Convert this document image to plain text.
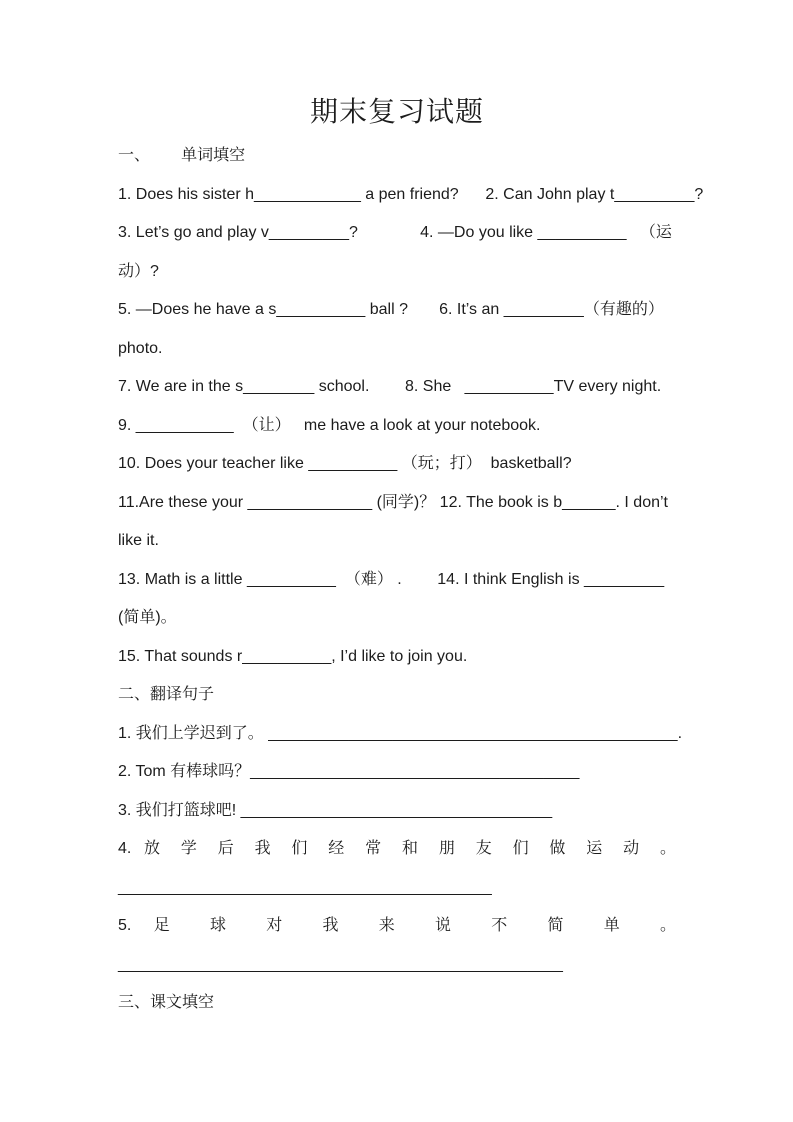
期末复习试题

一、       单词填空

1. Does his sister h____________ a pen friend?      2. Can John play t_________?

3. Let’s go and play v_________?              4. —Do you like __________   （运

动）?

5. —Does he have a s__________ ball ?       6. It’s an _________（有趣的）

photo.

7. We are in the s________ school.        8. She   __________TV every night.

9. ___________  （让）   me have a look at your notebook.

10. Does your teacher like __________ （玩；打）  basketball?

11.Are these your ______________ (同学)？ 12. The book is b______. I don’t

like it.

13. Math is a little __________  （难） .        14. I think English is _________

(简单)。

15. That sounds r__________, I’d like to join you.

二、翻译句子

1. 我们上学迟到了。 ______________________________________________.

2. Tom 有棒球吗？_____________________________________

3. 我们打篮球吧! ___________________________________

4. 放 学 后 我 们 经 常 和 朋 友 们 做 运 动 。

__________________________________________

5. 足 球 对 我 来 说 不 简 单 。

__________________________________________________

三、课文填空
